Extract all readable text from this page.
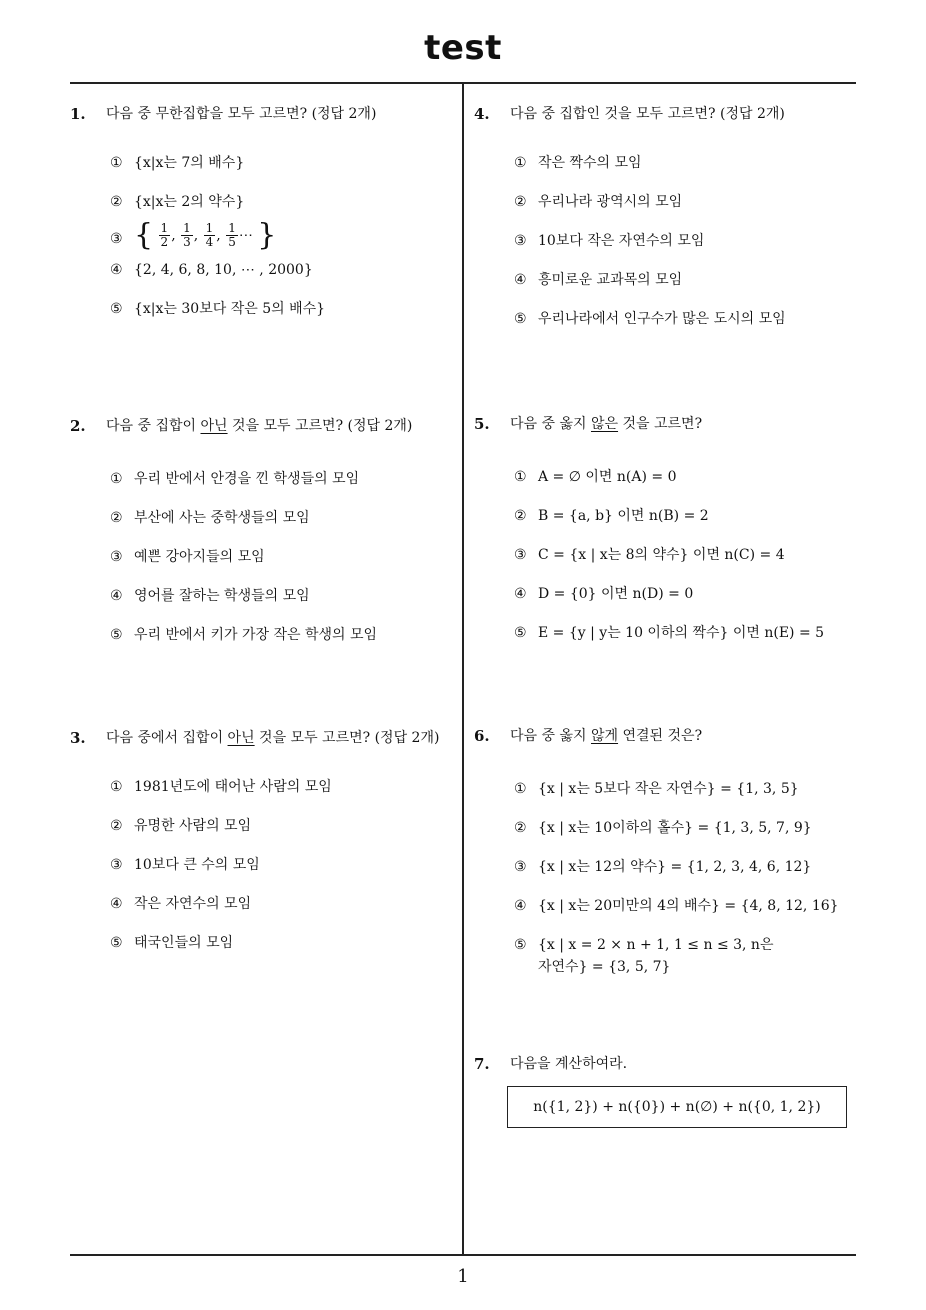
test
1. 다음 중 무한집합을 모두 고르면? (정답 2개)
① {x|x는 7의 배수}
② {x|x는 2의 약수}
③ { $\frac{1}{2}$ , $\frac{1}{3}$ , $\frac{1}{4}$ , $\frac{1}{5}$ ⋯ }
④ {2, 4, 6, 8, 10, ⋯ , 2000}
⑤ {x|x는 30보다 작은 5의 배수}
2. 다음 중 집합이 아닌 것을 모두 고르면? (정답 2개)
① 우리 반에서 안경을 낀 학생들의 모임
② 부산에 사는 중학생들의 모임
③ 예쁜 강아지들의 모임
④ 영어를 잘하는 학생들의 모임
⑤ 우리 반에서 키가 가장 작은 학생의 모임
3. 다음 중에서 집합이 아닌 것을 모두 고르면? (정답 2개)
① 1981년도에 태어난 사람의 모임
② 유명한 사람의 모임
③ 10보다 큰 수의 모임
④ 작은 자연수의 모임
⑤ 태국인들의 모임
4. 다음 중 집합인 것을 모두 고르면? (정답 2개)
① 작은 짝수의 모임
② 우리나라 광역시의 모임
③ 10보다 작은 자연수의 모임
④ 흥미로운 교과목의 모임
⑤ 우리나라에서 인구수가 많은 도시의 모임
5. 다음 중 옳지 않은 것을 고르면?
① A = ∅ 이면 n(A) = 0
② B = {a, b} 이면 n(B) = 2
③ C = {x | x는 8의 약수} 이면 n(C) = 4
④ D = {0} 이면 n(D) = 0
⑤ E = {y | y는 10 이하의 짝수} 이면 n(E) = 5
6. 다음 중 옳지 않게 연결된 것은?
① {x | x는 5보다 작은 자연수} = {1, 3, 5}
② {x | x는 10이하의 홀수} = {1, 3, 5, 7, 9}
③ {x | x는 12의 약수} = {1, 2, 3, 4, 6, 12}
④ {x | x는 20미만의 4의 배수} = {4, 8, 12, 16}
⑤ {x | x = 2 × n + 1, 1 ≤ n ≤ 3, n은
자연수} = {3, 5, 7}
7. 다음을 계산하여라.
n({1, 2}) + n({0}) + n(∅) + n({0, 1, 2})
1
